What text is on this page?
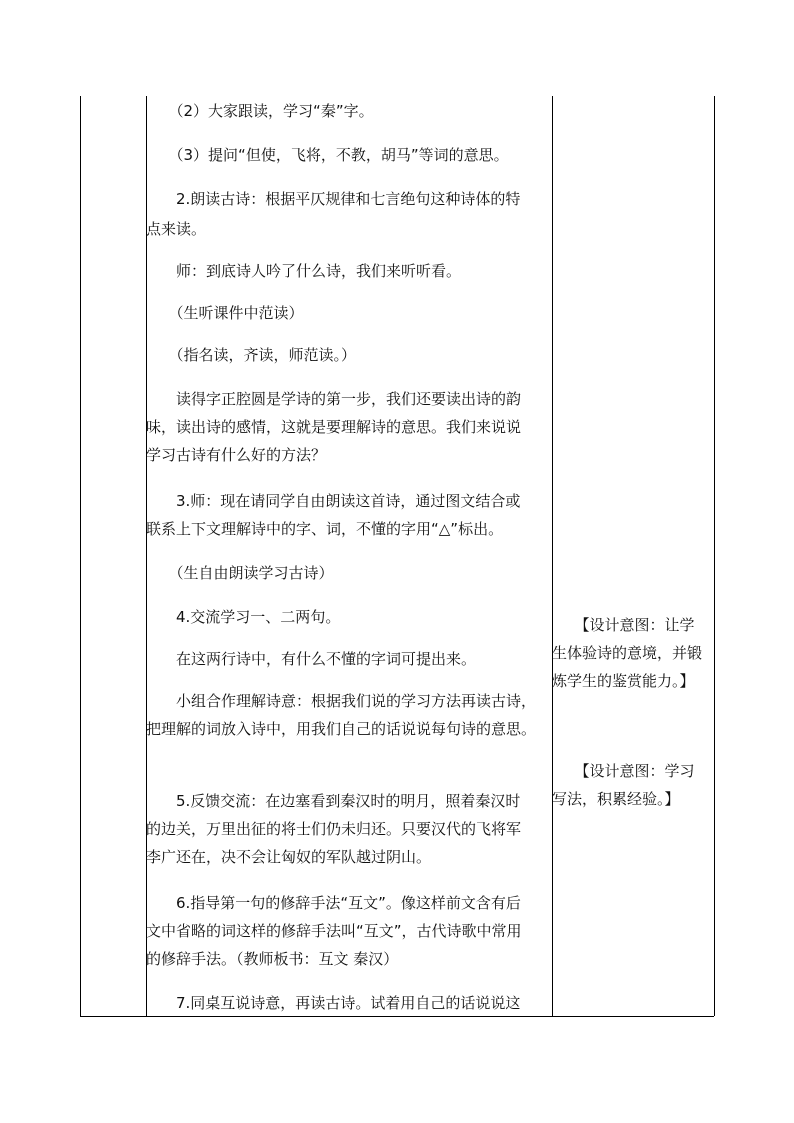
　　（2）大家跟读，学习“秦”字。
　　（3）提问“但使，飞将，不教，胡马”等词的意思。
　　2.朗读古诗：根据平仄规律和七言绝句这种诗体的特
点来读。
　　师：到底诗人吟了什么诗，我们来听听看。
　　（生听课件中范读）
　　（指名读，齐读，师范读。）
　　读得字正腔圆是学诗的第一步，我们还要读出诗的韵
味，读出诗的感情，这就是要理解诗的意思。我们来说说
学习古诗有什么好的方法？
　　3.师：现在请同学自由朗读这首诗，通过图文结合或
联系上下文理解诗中的字、词，不懂的字用“△”标出。
　　（生自由朗读学习古诗）
　　4.交流学习一、二两句。
　　在这两行诗中，有什么不懂的字词可提出来。
　　小组合作理解诗意：根据我们说的学习方法再读古诗，
把理解的词放入诗中，用我们自己的话说说每句诗的意思。
　　5.反馈交流：在边塞看到秦汉时的明月，照着秦汉时
的边关，万里出征的将士们仍未归还。只要汉代的飞将军
李广还在，决不会让匈奴的军队越过阴山。
　　6.指导第一句的修辞手法“互文”。像这样前文含有后
文中省略的词这样的修辞手法叫“互文”，古代诗歌中常用
的修辞手法。（教师板书：互文 秦汉）
　　7.同桌互说诗意，再读古诗。试着用自己的话说说这
　　【设计意图：让学
生体验诗的意境，并锻
炼学生的鉴赏能力。】
　　【设计意图：学习
写法，积累经验。】
